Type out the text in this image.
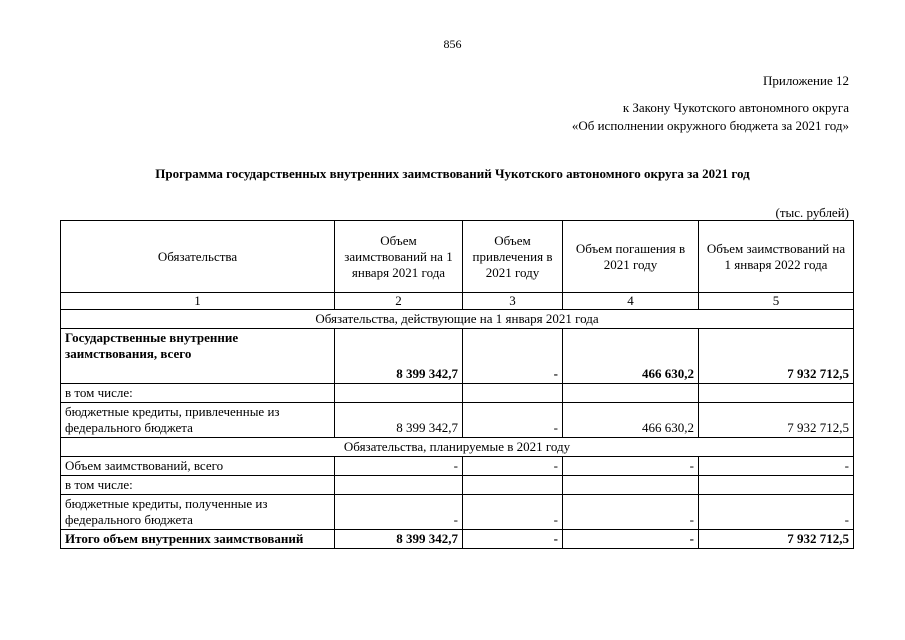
856
Приложение 12
к Закону Чукотского автономного округа
«Об исполнении окружного бюджета за 2021 год»
Программа государственных внутренних заимствований Чукотского автономного округа за 2021 год
(тыс. рублей)
Обязательства	Объем заимствований на 1 января 2021 года	Объем привлечения в 2021 году	Объем погашения в 2021 году	Объем заимствований на 1 января 2022 года
1	2	3	4	5
Обязательства, действующие на 1 января 2021 года				
Государственные внутренние заимствования, всего	8 399 342,7	-	466 630,2	7 932 712,5
в том числе:				
бюджетные кредиты, привлеченные из федерального бюджета	8 399 342,7	-	466 630,2	7 932 712,5
Обязательства, планируемые в 2021 году				
Объем заимствований, всего	-	-	-	-
в том числе:				
бюджетные кредиты, полученные из федерального бюджета	-	-	-	-
Итого объем внутренних заимствований	8 399 342,7	-	-	7 932 712,5
